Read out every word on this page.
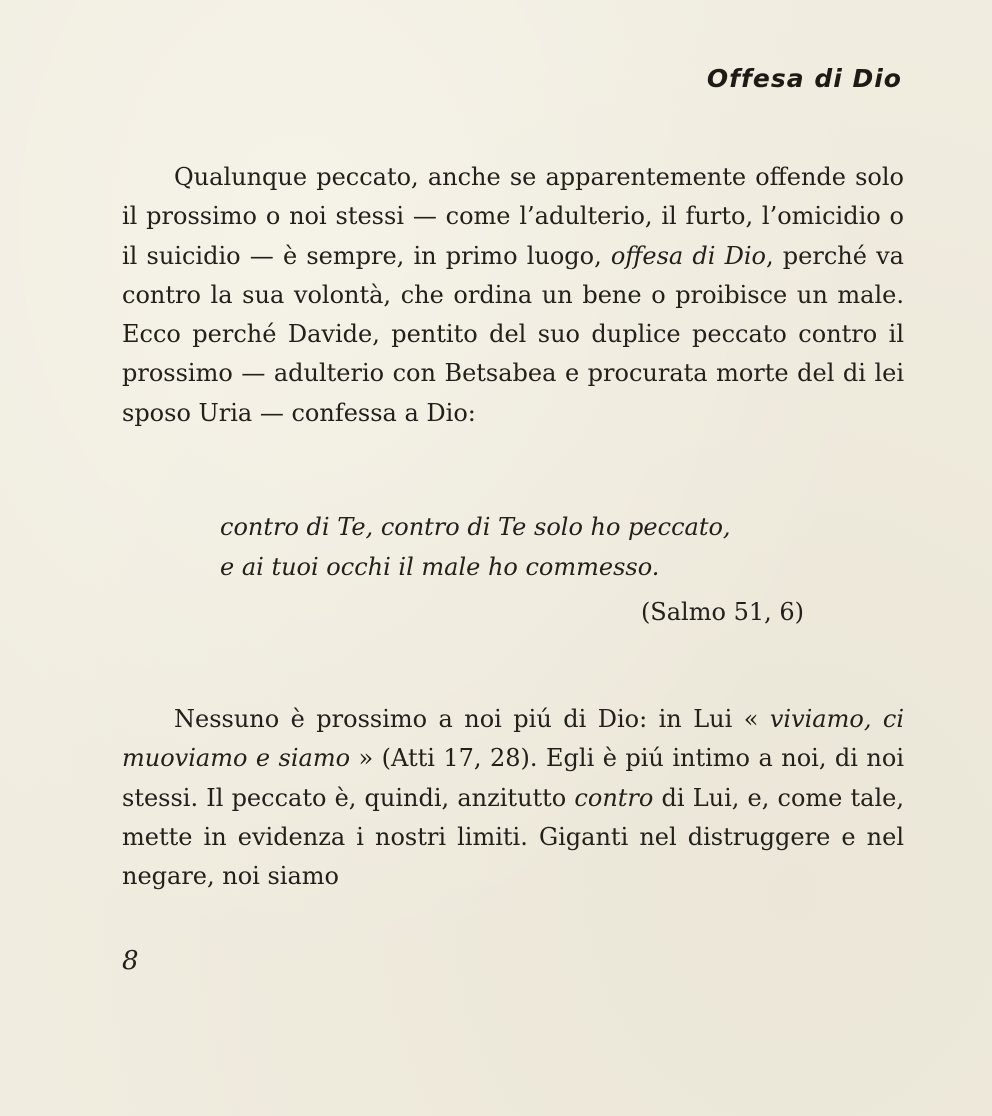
Offesa di Dio

Qualunque peccato, anche se apparentemente offende solo il prossimo o noi stessi — come l’adulterio, il furto, l’omicidio o il suicidio — è sempre, in primo luogo, offesa di Dio, perché va contro la sua volontà, che ordina un bene o proibisce un male. Ecco perché Davide, pentito del suo duplice peccato contro il prossimo — adulterio con Betsabea e procurata morte del di lei sposo Uria — confessa a Dio:

contro di Te, contro di Te solo ho peccato,
e ai tuoi occhi il male ho commesso.
(Salmo 51, 6)

Nessuno è prossimo a noi piú di Dio: in Lui « viviamo, ci muoviamo e siamo » (Atti 17, 28). Egli è piú intimo a noi, di noi stessi. Il peccato è, quindi, anzitutto contro di Lui, e, come tale, mette in evidenza i nostri limiti. Giganti nel distruggere e nel negare, noi siamo

8
